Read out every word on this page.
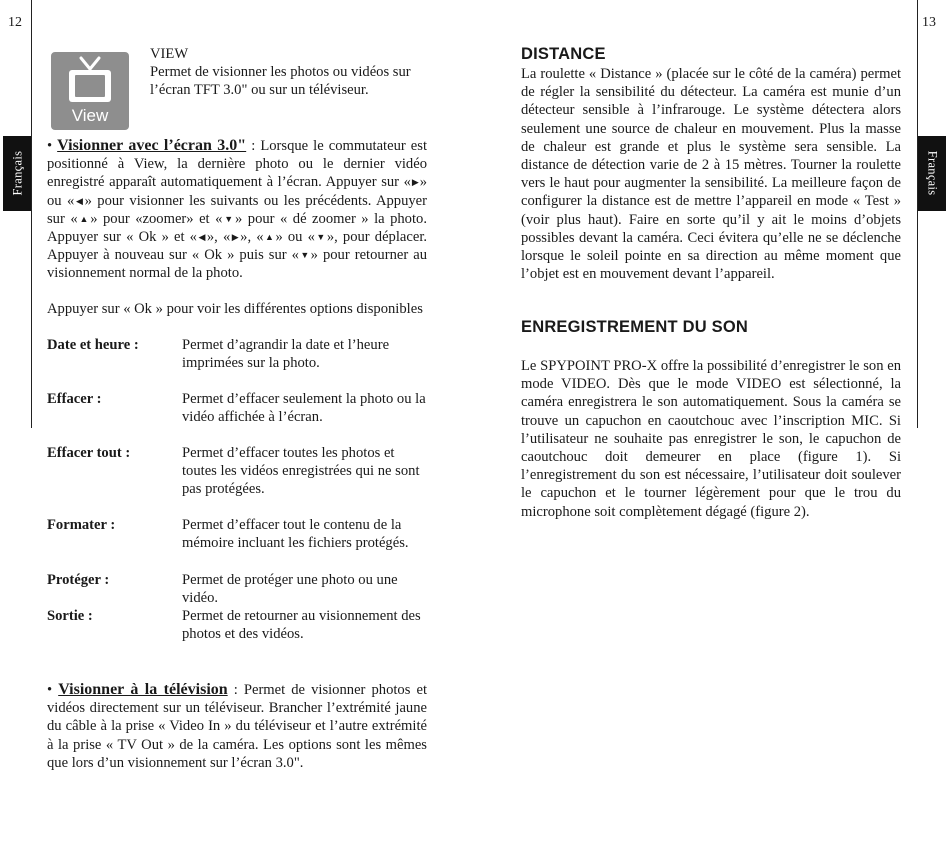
12	13
Français	Français
View
VIEW
Permet de visionner les photos ou vidéos sur l’écran TFT 3.0" ou sur un téléviseur.
• Visionner avec l’écran 3.0" : Lorsque le commutateur est positionné à View, la dernière photo ou le dernier vidéo enregistré apparaît automatiquement à l’écran. Appuyer sur «▶» ou «◀» pour visionner les suivants ou les précédents. Appuyer sur «▲» pour «zoomer» et «▼» pour « dé zoomer » la photo. Appuyer sur « Ok » et «◀», «▶», «▲» ou «▼», pour déplacer. Appuyer à nouveau sur « Ok » puis sur «▼» pour retourner au visionnement normal de la photo.
Appuyer sur « Ok » pour voir les différentes options disponibles
Date et heure :	Permet d’agrandir la date et l’heure imprimées sur la photo.
Effacer :	Permet d’effacer seulement la photo ou la vidéo affichée à l’écran.
Effacer tout :	Permet d’effacer toutes les photos et toutes les vidéos enregistrées qui ne sont pas protégées.
Formater :	Permet d’effacer tout le contenu de la mémoire incluant les fichiers protégés.
Protéger :	Permet de protéger une photo ou une vidéo.
Sortie :	Permet de retourner au visionnement des photos et des vidéos.
• Visionner à la télévision : Permet de visionner photos et vidéos directement sur un téléviseur. Brancher l’extrémité jaune du câble à la prise « Video In » du téléviseur et l’autre extrémité à la prise « TV Out » de la caméra. Les options sont les mêmes que lors d’un visionnement sur l’écran 3.0".
DISTANCE
La roulette « Distance » (placée sur le côté de la caméra) permet de régler la sensibilité du détecteur. La caméra est munie d’un détecteur sensible à l’infrarouge. Le système détectera alors seulement une source de chaleur en mouvement. Plus la masse de chaleur est grande et plus le système sera sensible. La distance de détection varie de 2 à 15 mètres. Tourner la roulette vers le haut pour augmenter la sensibilité. La meilleure façon de configurer la distance est de mettre l’appareil en mode « Test » (voir plus haut). Faire en sorte qu’il y ait le moins d’objets possibles devant la caméra. Ceci évitera qu’elle ne se déclenche lorsque le soleil pointe en sa direction au même moment que l’objet est en mouvement devant l’appareil.
ENREGISTREMENT DU SON
Le SPYPOINT PRO-X offre la possibilité d’enregistrer le son en mode VIDEO. Dès que le mode VIDEO est sélectionné, la caméra enregistrera le son automatiquement. Sous la caméra se trouve un capuchon en caoutchouc avec l’inscription MIC. Si l’utilisateur ne souhaite pas enregistrer le son, le capuchon de caoutchouc doit demeurer en place (figure 1). Si l’enregistrement du son est nécessaire, l’utilisateur doit soulever le capuchon et le tourner légèrement pour que le trou du microphone soit complètement dégagé (figure 2).
